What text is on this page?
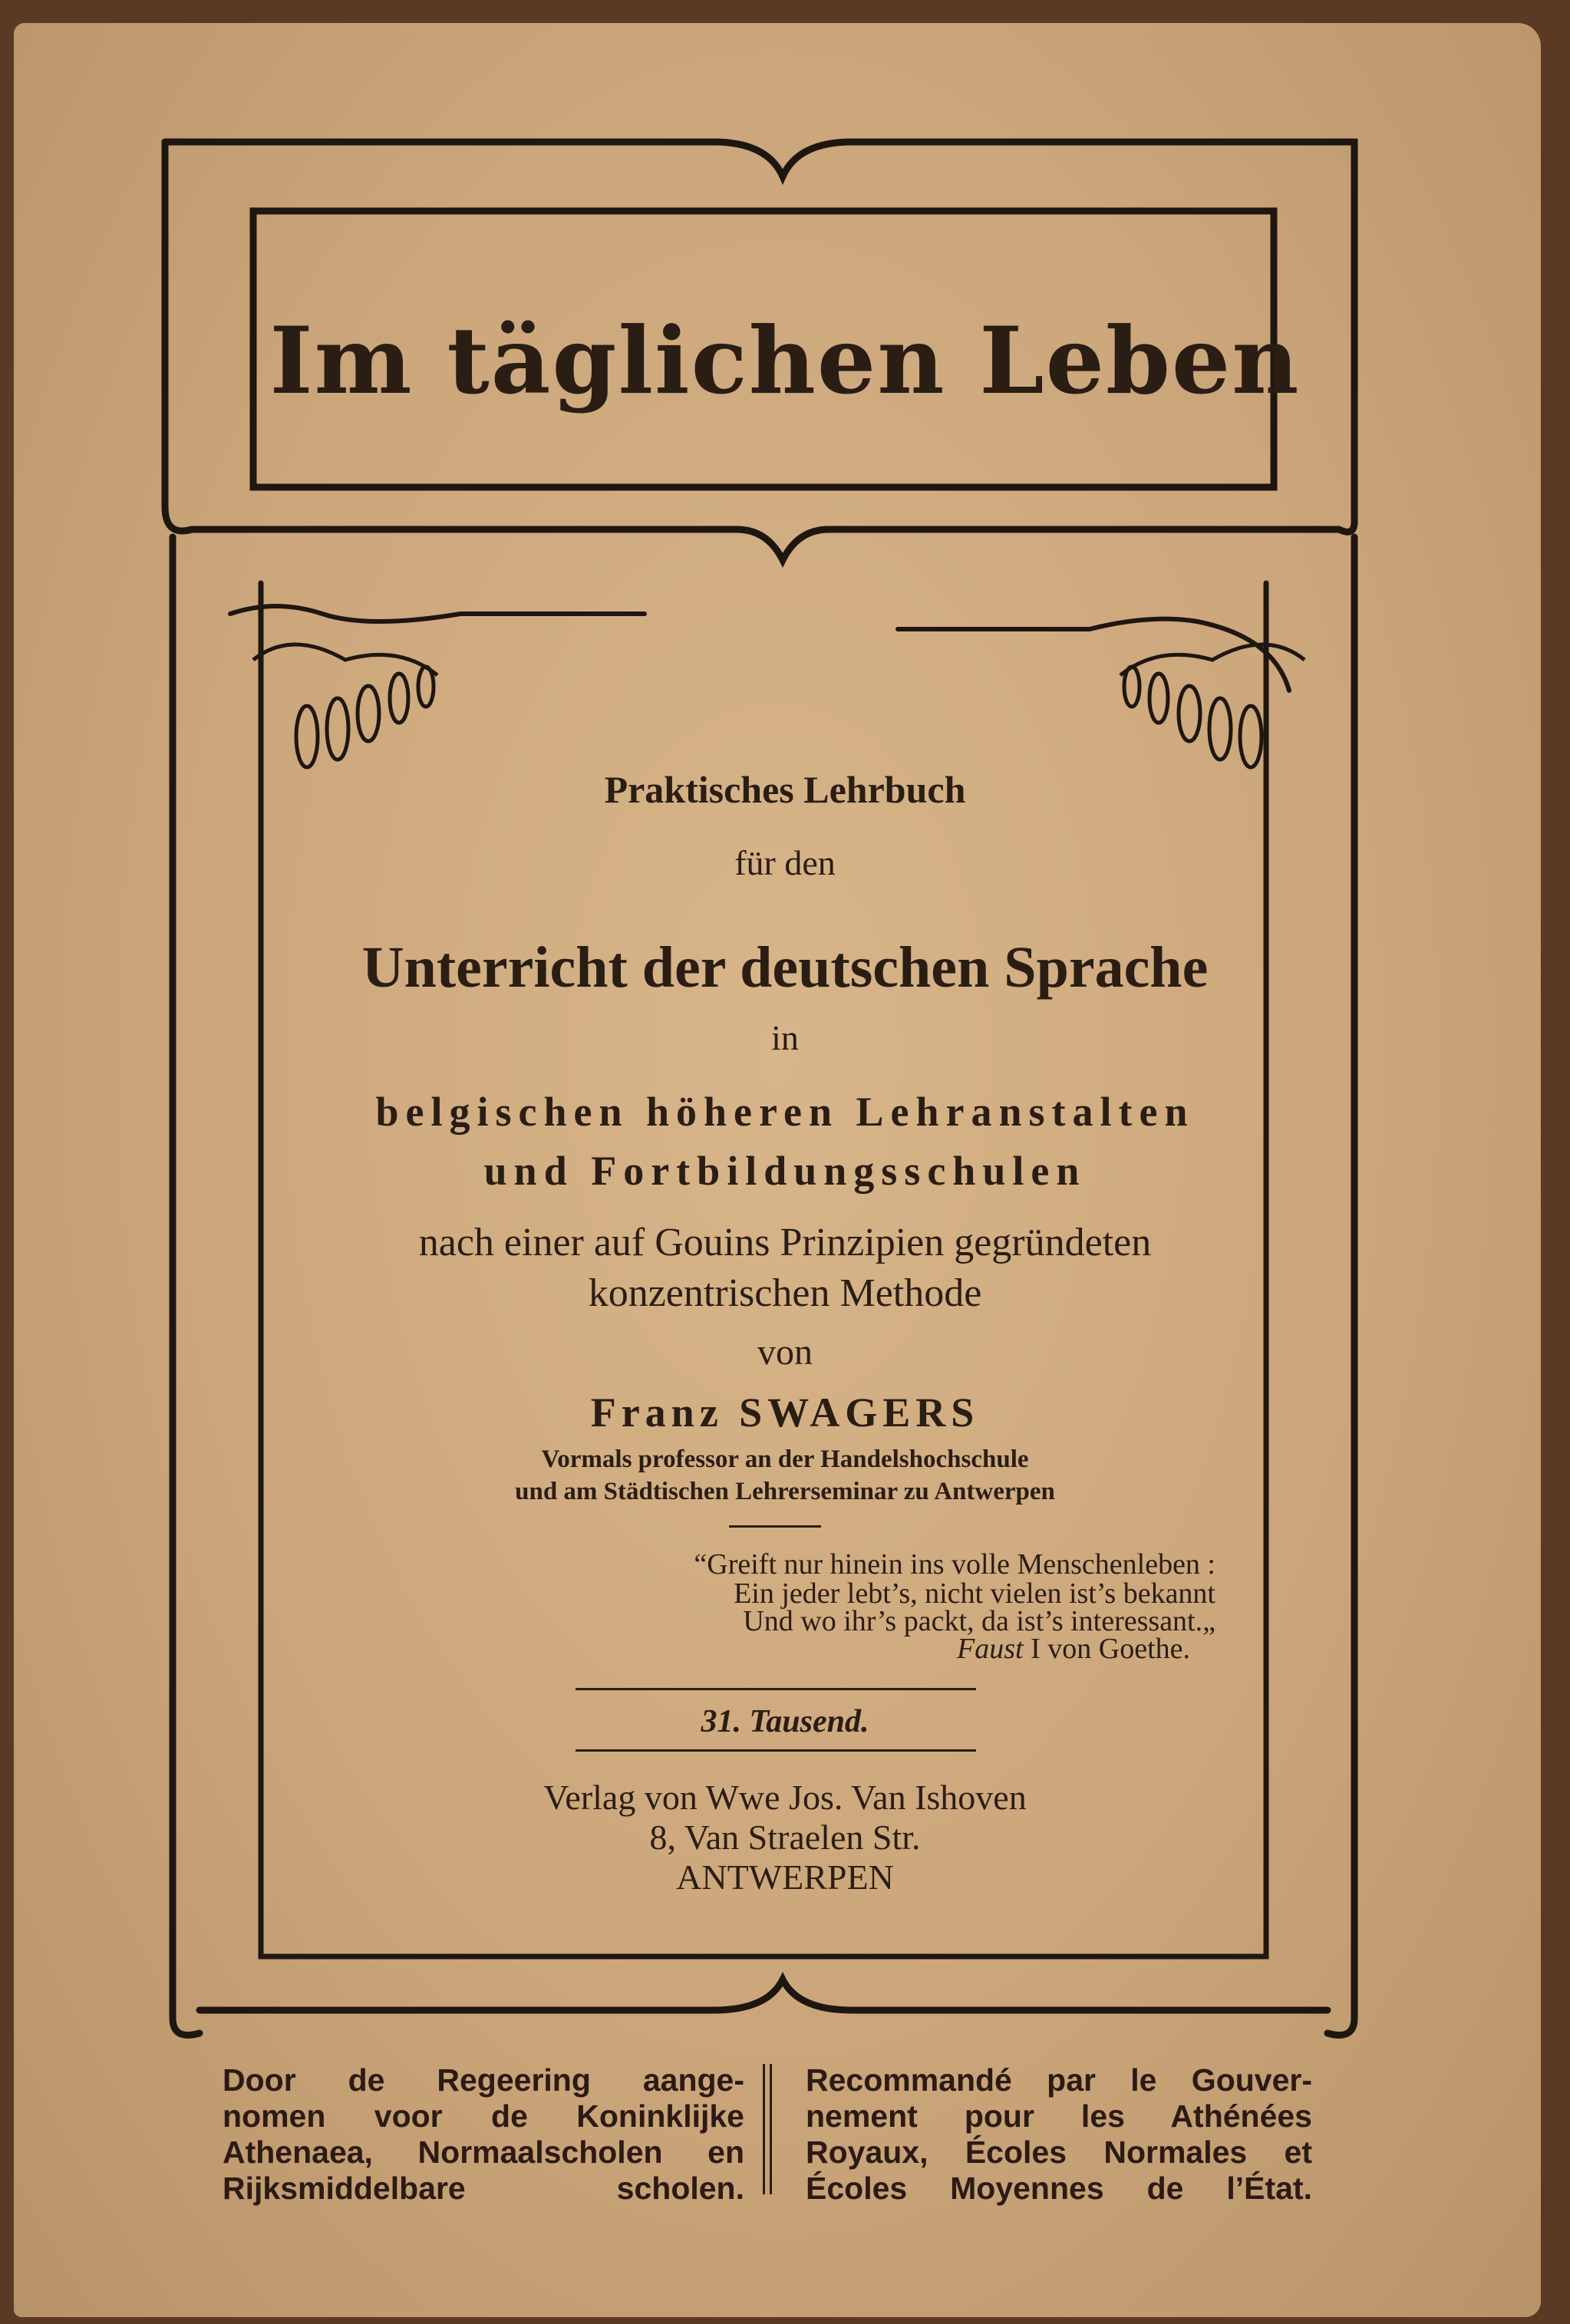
Im täglichen Leben
Praktisches Lehrbuch
für den
Unterricht der deutschen Sprache
in
belgischen höheren Lehranstalten
und Fortbildungsschulen
nach einer auf Gouins Prinzipien gegründeten
konzentrischen Methode
von
Franz SWAGERS
Vormals professor an der Handelshochschule
und am Städtischen Lehrerseminar zu Antwerpen
“Greift nur hinein ins volle Menschenleben :
Ein jeder lebt’s, nicht vielen ist’s bekannt
Und wo ihr’s packt, da ist’s interessant.„
Faust I von Goethe.
31. Tausend.
Verlag von Wwe Jos. Van Ishoven
8, Van Straelen Str.
ANTWERPEN
Door de Regeering aange-
nomen voor de Koninklijke
Athenaea, Normaalscholen en
Rijksmiddelbare scholen.
Recommandé par le Gouver-
nement pour les Athénées
Royaux, Écoles Normales et
Écoles Moyennes de l’État.
